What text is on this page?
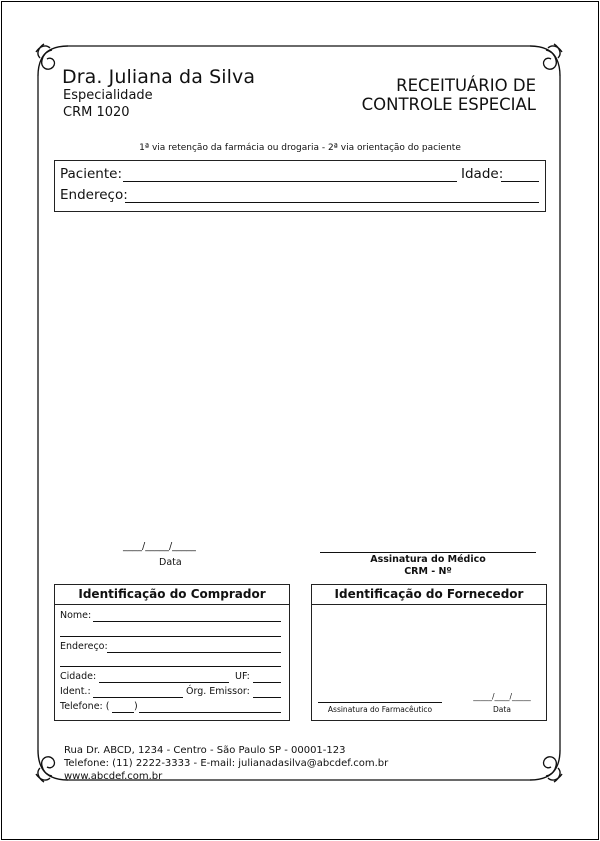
Dra. Juliana da Silva
Especialidade
CRM 1020
RECEITUÁRIO DE
CONTROLE ESPECIAL
1ª via retenção da farmácia ou drogaria - 2ª via orientação do paciente
Paciente:	Idade:
Endereço:
____/_____/_____
Data	Assinatura do Médico
CRM - Nº
Identificação do Comprador
Nome:
Endereço:
Cidade:	UF:
Ident.:	Órg. Emissor:
Telefone: (	)
Identificação do Fornecedor
Assinatura do Farmacêutico
_____/____/_____
Data
Rua Dr. ABCD, 1234 - Centro - São Paulo SP - 00001-123
Telefone: (11) 2222-3333 - E-mail: julianadasilva@abcdef.com.br
www.abcdef.com.br
